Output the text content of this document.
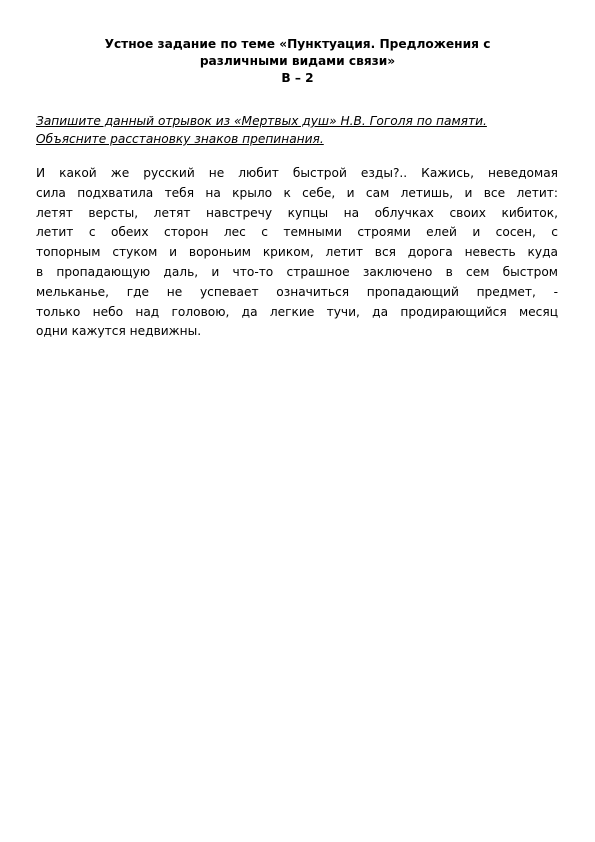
Устное задание по теме «Пунктуация. Предложения с
различными видами связи»
В – 2
Запишите данный отрывок из «Мертвых душ» Н.В. Гоголя по памяти.
Объясните расстановку знаков препинания.
И какой же русский не любит быстрой езды?.. Кажись, неведомая
сила подхватила тебя на крыло к себе, и сам летишь, и все летит:
летят версты, летят навстречу купцы на облучках своих кибиток,
летит с обеих сторон лес с темными строями елей и сосен, с
топорным стуком и вороньим криком, летит вся дорога невесть куда
в пропадающую даль, и что-то страшное заключено в сем быстром
мельканье, где не успевает означиться пропадающий предмет, -
только небо над головою, да легкие тучи, да продирающийся месяц
одни кажутся недвижны.
